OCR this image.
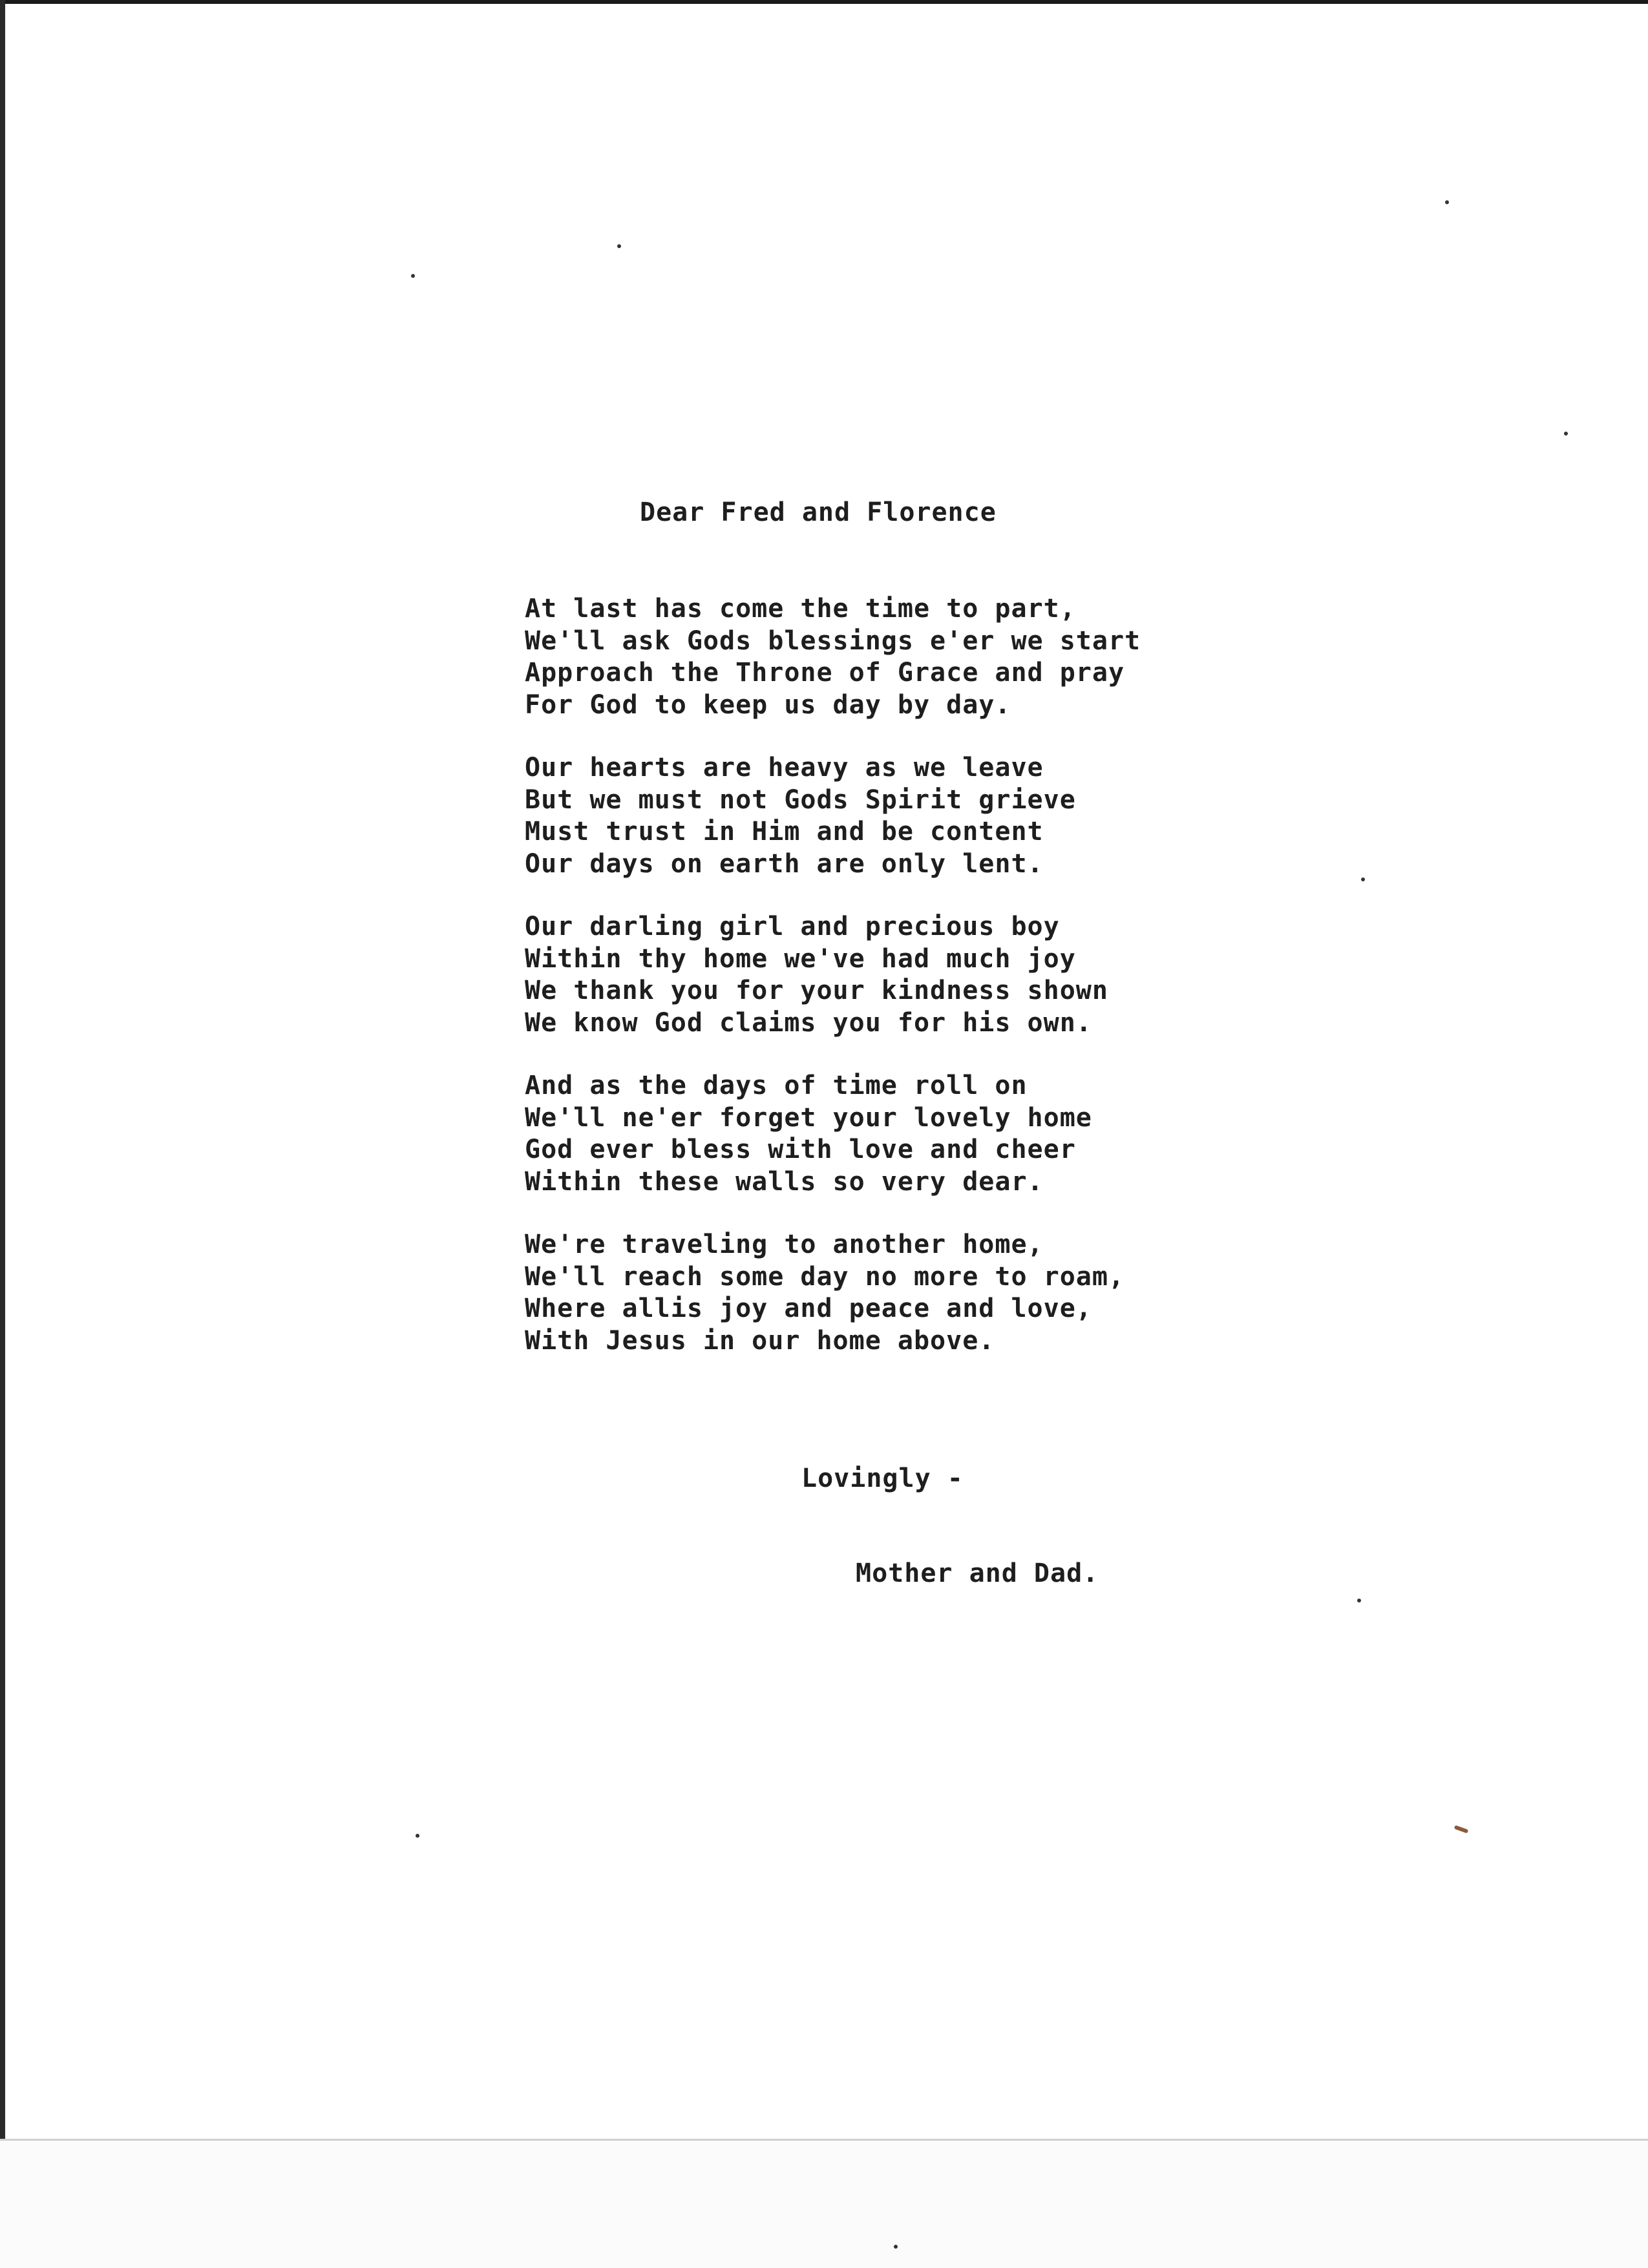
Dear Fred and Florence
At last has come the time to part,
We'll ask Gods blessings e'er we start
Approach the Throne of Grace and pray
For God to keep us day by day.
Our hearts are heavy as we leave
But we must not Gods Spirit grieve
Must trust in Him and be content
Our days on earth are only lent.
Our darling girl and precious boy
Within thy home we've had much joy
We thank you for your kindness shown
We know God claims you for his own.
And as the days of time roll on
We'll ne'er forget your lovely home
God ever bless with love and cheer
Within these walls so very dear.
We're traveling to another home,
We'll reach some day no more to roam,
Where allis joy and peace and love,
With Jesus in our home above.

Lovingly -

Mother and Dad.
